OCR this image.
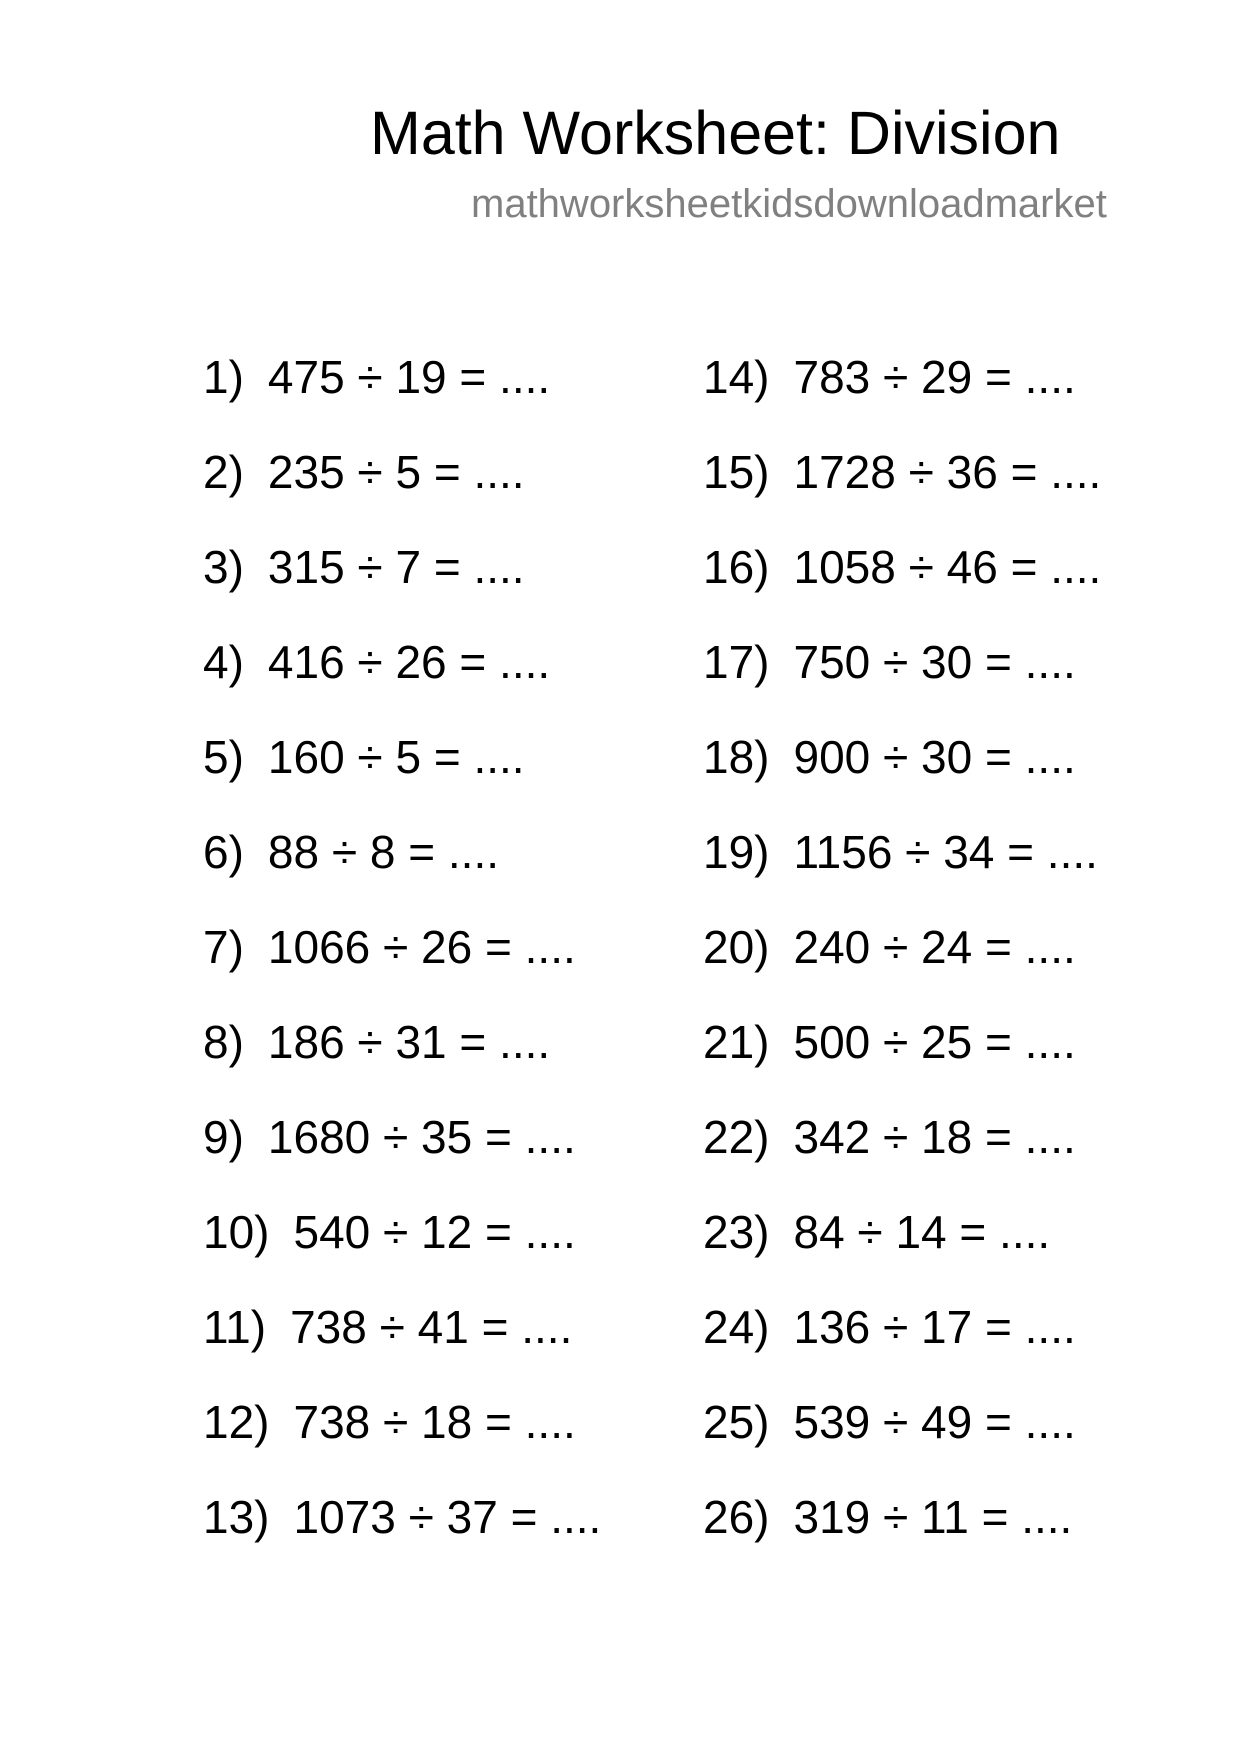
Math Worksheet: Division
mathworksheetkidsdownloadmarket
1) 475 ÷ 19 = ....
2) 235 ÷ 5 = ....
3) 315 ÷ 7 = ....
4) 416 ÷ 26 = ....
5) 160 ÷ 5 = ....
6) 88 ÷ 8 = ....
7) 1066 ÷ 26 = ....
8) 186 ÷ 31 = ....
9) 1680 ÷ 35 = ....
10) 540 ÷ 12 = ....
11) 738 ÷ 41 = ....
12) 738 ÷ 18 = ....
13) 1073 ÷ 37 = ....
14) 783 ÷ 29 = ....
15) 1728 ÷ 36 = ....
16) 1058 ÷ 46 = ....
17) 750 ÷ 30 = ....
18) 900 ÷ 30 = ....
19) 1156 ÷ 34 = ....
20) 240 ÷ 24 = ....
21) 500 ÷ 25 = ....
22) 342 ÷ 18 = ....
23) 84 ÷ 14 = ....
24) 136 ÷ 17 = ....
25) 539 ÷ 49 = ....
26) 319 ÷ 11 = ....
